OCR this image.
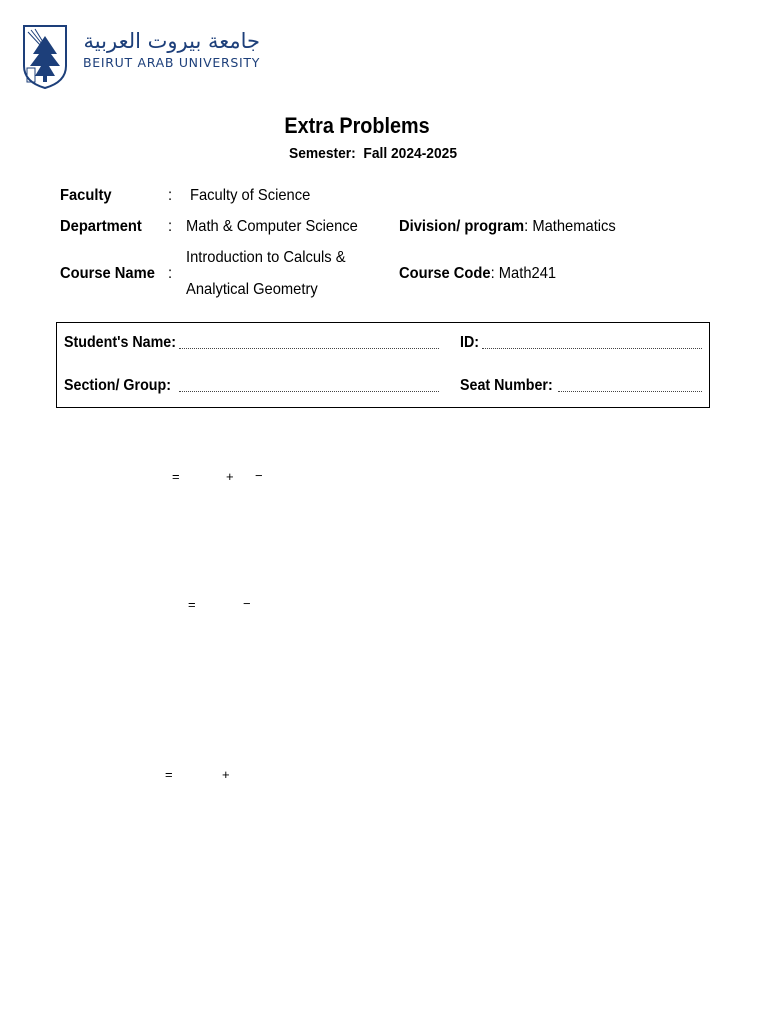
جامعة بيروت العربية
BEIRUT ARAB UNIVERSITY
Extra Problems
Semester:  Fall 2024-2025
Faculty	: Faculty of Science
Department : Math & Computer Science	Division/ program: Mathematics
Course Name :
Introduction to Calculs &
Analytical Geometry
Course Code: Math241
Student's Name:	ID:
Section/ Group:	Seat Number:
=	+ −
=	−
=	+
